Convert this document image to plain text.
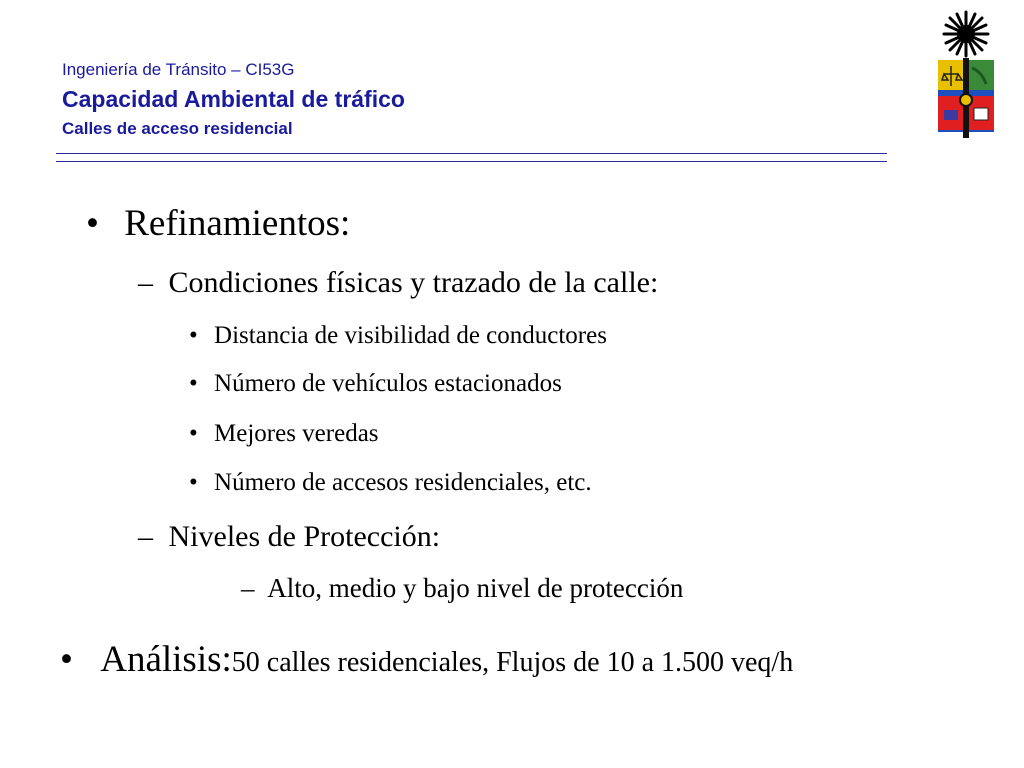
Ingeniería de Tránsito – CI53G
Capacidad Ambiental de tráfico
Calles de acceso residencial
• Refinamientos:
– Condiciones físicas y trazado de la calle:
• Distancia de visibilidad de conductores
• Número de vehículos estacionados
• Mejores veredas
• Número de accesos residenciales, etc.
– Niveles de Protección:
– Alto, medio y bajo nivel de protección
• Análisis:50 calles residenciales, Flujos de 10 a 1.500 veq/h
